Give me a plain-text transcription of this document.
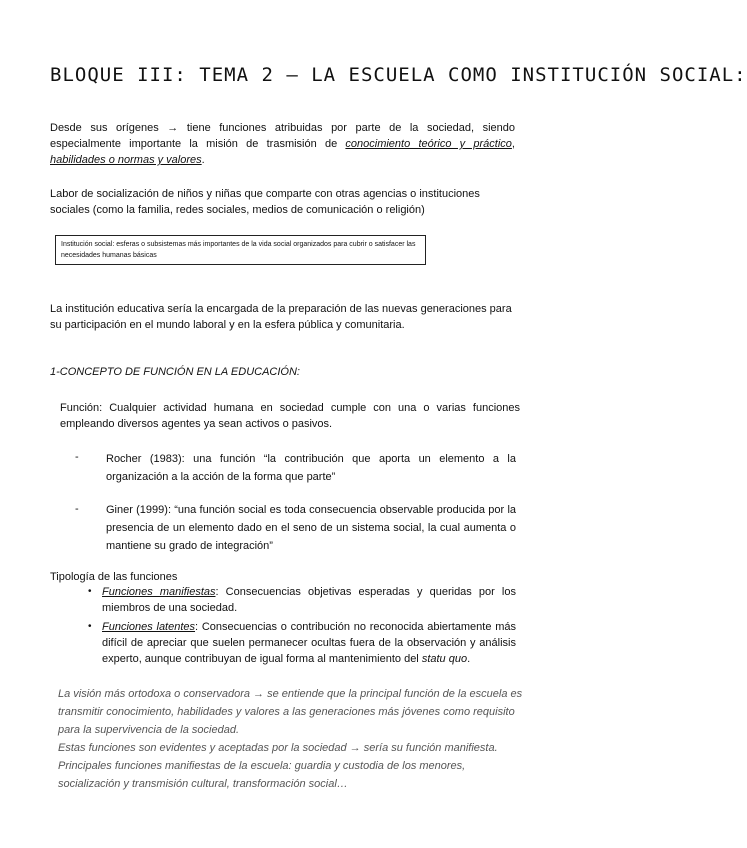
BLOQUE III: TEMA 2 – LA ESCUELA COMO INSTITUCIÓN SOCIAL:
Desde sus orígenes → tiene funciones atribuidas por parte de la sociedad, siendo especialmente importante la misión de trasmisión de conocimiento teórico y práctico, habilidades o normas y valores.
Labor de socialización de niños y niñas que comparte con otras agencias o instituciones sociales (como la familia, redes sociales, medios de comunicación o religión)
Institución social: esferas o subsistemas más importantes de la vida social organizados para cubrir o satisfacer las necesidades humanas básicas
La institución educativa sería la encargada de la preparación de las nuevas generaciones para su participación en el mundo laboral y en la esfera pública y comunitaria.
1-CONCEPTO DE FUNCIÓN EN LA EDUCACIÓN:
Función: Cualquier actividad humana en sociedad cumple con una o varias funciones empleando diversos agentes ya sean activos o pasivos.
- Rocher (1983): una función “la contribución que aporta un elemento a la organización a la acción de la forma que parte”
- Giner (1999): “una función social es toda consecuencia observable producida por la presencia de un elemento dado en el seno de un sistema social, la cual aumenta o mantiene su grado de integración”
Tipología de las funciones
• Funciones manifiestas: Consecuencias objetivas esperadas y queridas por los miembros de una sociedad.
• Funciones latentes: Consecuencias o contribución no reconocida abiertamente más difícil de apreciar que suelen permanecer ocultas fuera de la observación y análisis experto, aunque contribuyan de igual forma al mantenimiento del statu quo.
La visión más ortodoxa o conservadora → se entiende que la principal función de la escuela es transmitir conocimiento, habilidades y valores a las generaciones más jóvenes como requisito para la supervivencia de la sociedad.
Estas funciones son evidentes y aceptadas por la sociedad → sería su función manifiesta.
Principales funciones manifiestas de la escuela: guardia y custodia de los menores, socialización y transmisión cultural, transformación social…
